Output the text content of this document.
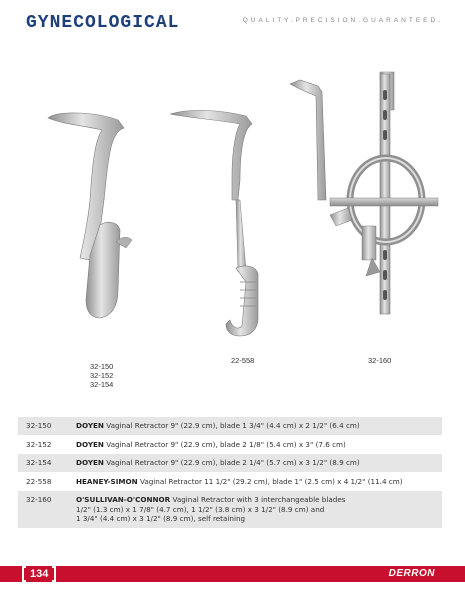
GYNECOLOGICAL	QUALITY.PRECISION.GUARANTEED.
32-150
32-152
32-154
22-558	32-160
32-150	DOYEN Vaginal Retractor 9" (22.9 cm), blade 1 3/4" (4.4 cm) x 2 1/2" (6.4 cm)
32-152	DOYEN Vaginal Retractor 9" (22.9 cm), blade 2 1/8" (5.4 cm) x 3" (7.6 cm)
32-154	DOYEN Vaginal Retractor 9" (22.9 cm), blade 2 1/4" (5.7 cm) x 3 1/2" (8.9 cm)
22-558	HEANEY-SIMON Vaginal Retractor 11 1/2" (29.2 cm), blade 1" (2.5 cm) x 4 1/2" (11.4 cm)
32-160	O'SULLIVAN-O'CONNOR Vaginal Retractor with 3 interchangeable blades
1/2" (1.3 cm) x 1 7/8" (4.7 cm), 1 1/2" (3.8 cm) x 3 1/2" (8.9 cm) and
1 3/4" (4.4 cm) x 3 1/2" (8.9 cm), self retaining
134	DERRON
